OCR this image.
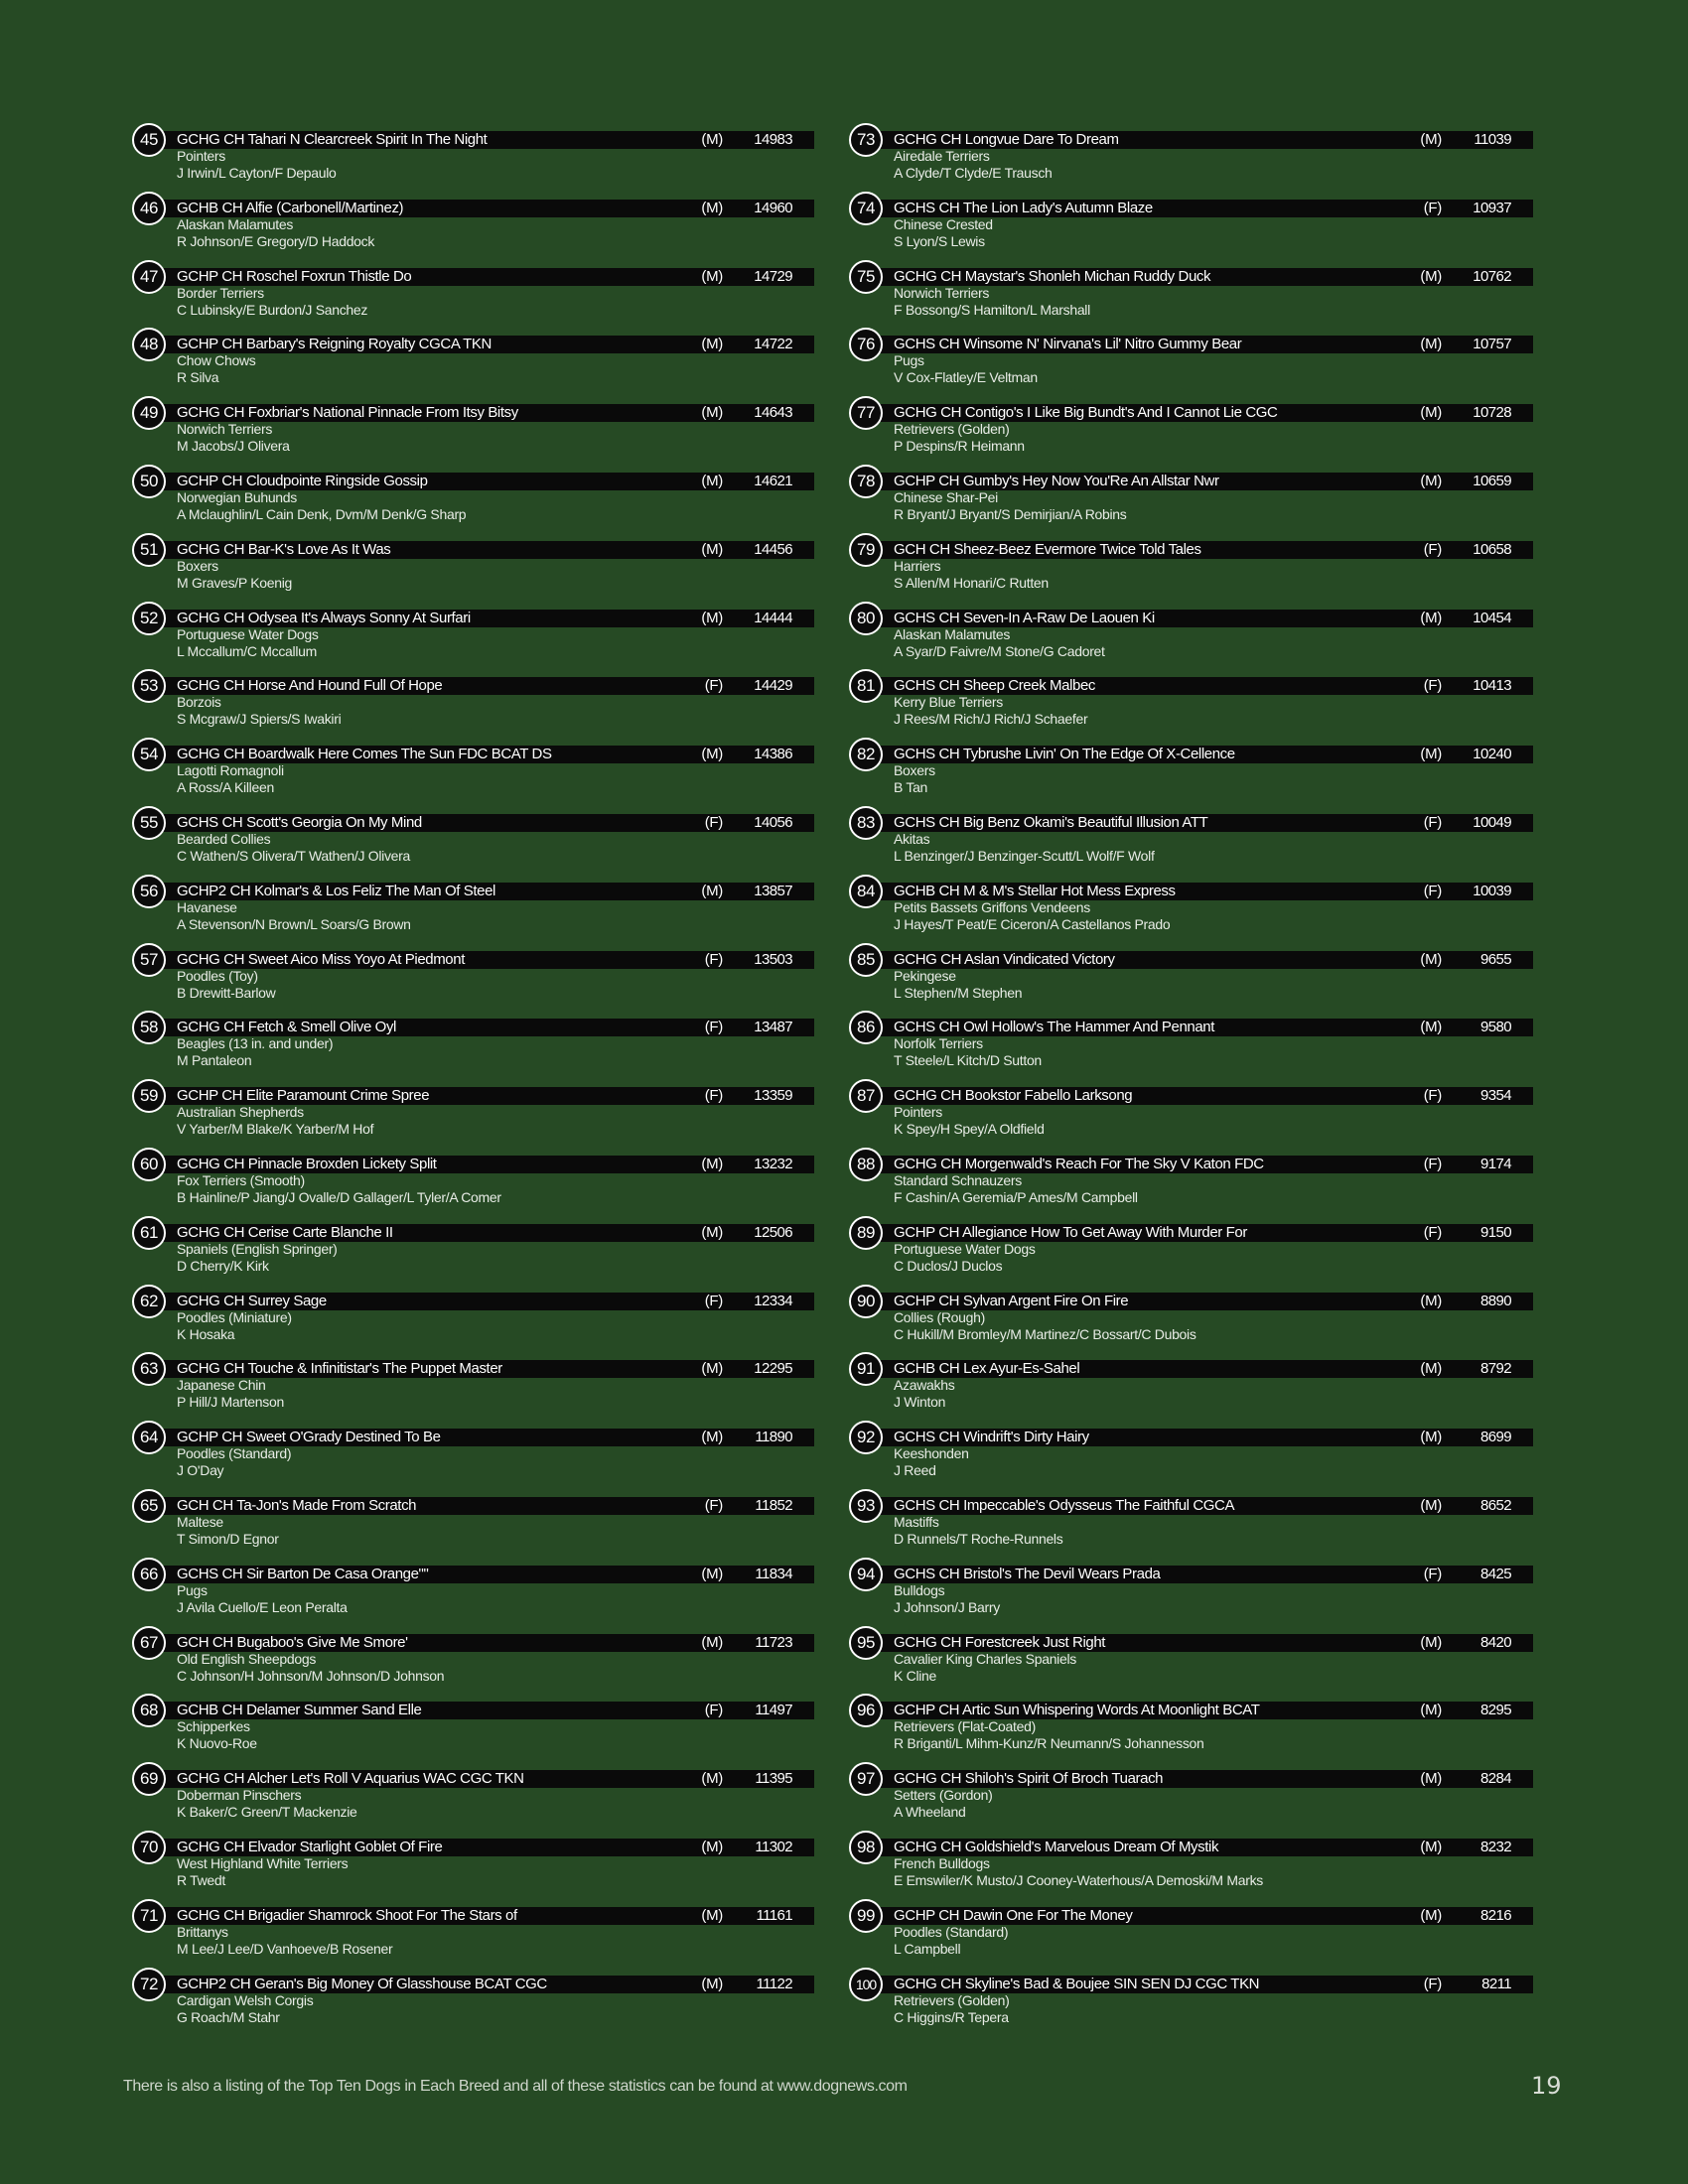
45	GCHG CH Tahari N Clearcreek Spirit In The Night	(M)	14983
Pointers
J Irwin/L Cayton/F Depaulo
46	GCHB CH Alfie (Carbonell/Martinez)	(M)	14960
Alaskan Malamutes
R Johnson/E Gregory/D Haddock
47	GCHP CH Roschel Foxrun Thistle Do	(M)	14729
Border Terriers
C Lubinsky/E Burdon/J Sanchez
48	GCHP CH Barbary's Reigning Royalty CGCA TKN	(M)	14722
Chow Chows
R Silva
49	GCHG CH Foxbriar's National Pinnacle From Itsy Bitsy	(M)	14643
Norwich Terriers
M Jacobs/J Olivera
50	GCHP CH Cloudpointe Ringside Gossip	(M)	14621
Norwegian Buhunds
A Mclaughlin/L Cain Denk, Dvm/M Denk/G Sharp
51	GCHG CH Bar-K's Love As It Was	(M)	14456
Boxers
M Graves/P Koenig
52	GCHG CH Odysea It's Always Sonny At Surfari	(M)	14444
Portuguese Water Dogs
L Mccallum/C Mccallum
53	GCHG CH Horse And Hound Full Of Hope	(F)	14429
Borzois
S Mcgraw/J Spiers/S Iwakiri
54	GCHG CH Boardwalk Here Comes The Sun FDC BCAT DS	(M)	14386
Lagotti Romagnoli
A Ross/A Killeen
55	GCHS CH Scott's Georgia On My Mind	(F)	14056
Bearded Collies
C Wathen/S Olivera/T Wathen/J Olivera
56	GCHP2 CH Kolmar's & Los Feliz The Man Of Steel	(M)	13857
Havanese
A Stevenson/N Brown/L Soars/G Brown
57	GCHG CH Sweet Aico Miss Yoyo At Piedmont	(F)	13503
Poodles (Toy)
B Drewitt-Barlow
58	GCHG CH Fetch & Smell Olive Oyl	(F)	13487
Beagles (13 in. and under)
M Pantaleon
59	GCHP CH Elite Paramount Crime Spree	(F)	13359
Australian Shepherds
V Yarber/M Blake/K Yarber/M Hof
60	GCHG CH Pinnacle Broxden Lickety Split	(M)	13232
Fox Terriers (Smooth)
B Hainline/P Jiang/J Ovalle/D Gallager/L Tyler/A Comer
61	GCHG CH Cerise Carte Blanche II	(M)	12506
Spaniels (English Springer)
D Cherry/K Kirk
62	GCHG CH Surrey Sage	(F)	12334
Poodles (Miniature)
K Hosaka
63	GCHG CH Touche & Infinitistar's The Puppet Master	(M)	12295
Japanese Chin
P Hill/J Martenson
64	GCHP CH Sweet O'Grady Destined To Be	(M)	11890
Poodles (Standard)
J O'Day
65	GCH CH Ta-Jon's Made From Scratch	(F)	11852
Maltese
T Simon/D Egnor
66	GCHS CH Sir Barton De Casa Orange""	(M)	11834
Pugs
J Avila Cuello/E Leon Peralta
67	GCH CH Bugaboo's Give Me Smore'	(M)	11723
Old English Sheepdogs
C Johnson/H Johnson/M Johnson/D Johnson
68	GCHB CH Delamer Summer Sand Elle	(F)	11497
Schipperkes
K Nuovo-Roe
69	GCHG CH Alcher Let's Roll V Aquarius WAC CGC TKN	(M)	11395
Doberman Pinschers
K Baker/C Green/T Mackenzie
70	GCHG CH Elvador Starlight Goblet Of Fire	(M)	11302
West Highland White Terriers
R Twedt
71	GCHG CH Brigadier Shamrock Shoot For The Stars of	(M)	11161
Brittanys
M Lee/J Lee/D Vanhoeve/B Rosener
72	GCHP2 CH Geran's Big Money Of Glasshouse BCAT CGC	(M)	11122
Cardigan Welsh Corgis
G Roach/M Stahr
73	GCHG CH Longvue Dare To Dream	(M)	11039
Airedale Terriers
A Clyde/T Clyde/E Trausch
74	GCHS CH The Lion Lady's Autumn Blaze	(F)	10937
Chinese Crested
S Lyon/S Lewis
75	GCHG CH Maystar's Shonleh Michan Ruddy Duck	(M)	10762
Norwich Terriers
F Bossong/S Hamilton/L Marshall
76	GCHS CH Winsome N' Nirvana's Lil' Nitro Gummy Bear	(M)	10757
Pugs
V Cox-Flatley/E Veltman
77	GCHG CH Contigo's I Like Big Bundt's And I Cannot Lie CGC	(M)	10728
Retrievers (Golden)
P Despins/R Heimann
78	GCHP CH Gumby's Hey Now You'Re An Allstar Nwr	(M)	10659
Chinese Shar-Pei
R Bryant/J Bryant/S Demirjian/A Robins
79	GCH CH Sheez-Beez Evermore Twice Told Tales	(F)	10658
Harriers
S Allen/M Honari/C Rutten
80	GCHS CH Seven-In A-Raw De Laouen Ki	(M)	10454
Alaskan Malamutes
A Syar/D Faivre/M Stone/G Cadoret
81	GCHS CH Sheep Creek Malbec	(F)	10413
Kerry Blue Terriers
J Rees/M Rich/J Rich/J Schaefer
82	GCHS CH Tybrushe Livin' On The Edge Of X-Cellence	(M)	10240
Boxers
B Tan
83	GCHS CH Big Benz Okami's Beautiful Illusion ATT	(F)	10049
Akitas
L Benzinger/J Benzinger-Scutt/L Wolf/F Wolf
84	GCHB CH M & M's Stellar Hot Mess Express	(F)	10039
Petits Bassets Griffons Vendeens
J Hayes/T Peat/E Ciceron/A Castellanos Prado
85	GCHG CH Aslan Vindicated Victory	(M)	9655
Pekingese
L Stephen/M Stephen
86	GCHS CH Owl Hollow's The Hammer And Pennant	(M)	9580
Norfolk Terriers
T Steele/L Kitch/D Sutton
87	GCHG CH Bookstor Fabello Larksong	(F)	9354
Pointers
K Spey/H Spey/A Oldfield
88	GCHG CH Morgenwald's Reach For The Sky V Katon FDC	(F)	9174
Standard Schnauzers
F Cashin/A Geremia/P Ames/M Campbell
89	GCHP CH Allegiance How To Get Away With Murder For	(F)	9150
Portuguese Water Dogs
C Duclos/J Duclos
90	GCHP CH Sylvan Argent Fire On Fire	(M)	8890
Collies (Rough)
C Hukill/M Bromley/M Martinez/C Bossart/C Dubois
91	GCHB CH Lex Ayur-Es-Sahel	(M)	8792
Azawakhs
J Winton
92	GCHS CH Windrift's Dirty Hairy	(M)	8699
Keeshonden
J Reed
93	GCHS CH Impeccable's Odysseus The Faithful CGCA	(M)	8652
Mastiffs
D Runnels/T Roche-Runnels
94	GCHS CH Bristol's The Devil Wears Prada	(F)	8425
Bulldogs
J Johnson/J Barry
95	GCHG CH Forestcreek Just Right	(M)	8420
Cavalier King Charles Spaniels
K Cline
96	GCHP CH Artic Sun Whispering Words At Moonlight BCAT	(M)	8295
Retrievers (Flat-Coated)
R Briganti/L Mihm-Kunz/R Neumann/S Johannesson
97	GCHG CH Shiloh's Spirit Of Broch Tuarach	(M)	8284
Setters (Gordon)
A Wheeland
98	GCHG CH Goldshield's Marvelous Dream Of Mystik	(M)	8232
French Bulldogs
E Emswiler/K Musto/J Cooney-Waterhous/A Demoski/M Marks
99	GCHP CH Dawin One For The Money	(M)	8216
Poodles (Standard)
L Campbell
100	GCHG CH Skyline's Bad & Boujee SIN SEN DJ CGC TKN	(F)	8211
Retrievers (Golden)
C Higgins/R Tepera
There is also a listing of the Top Ten Dogs in Each Breed and all of these statistics can be found at www.dognews.com	19
